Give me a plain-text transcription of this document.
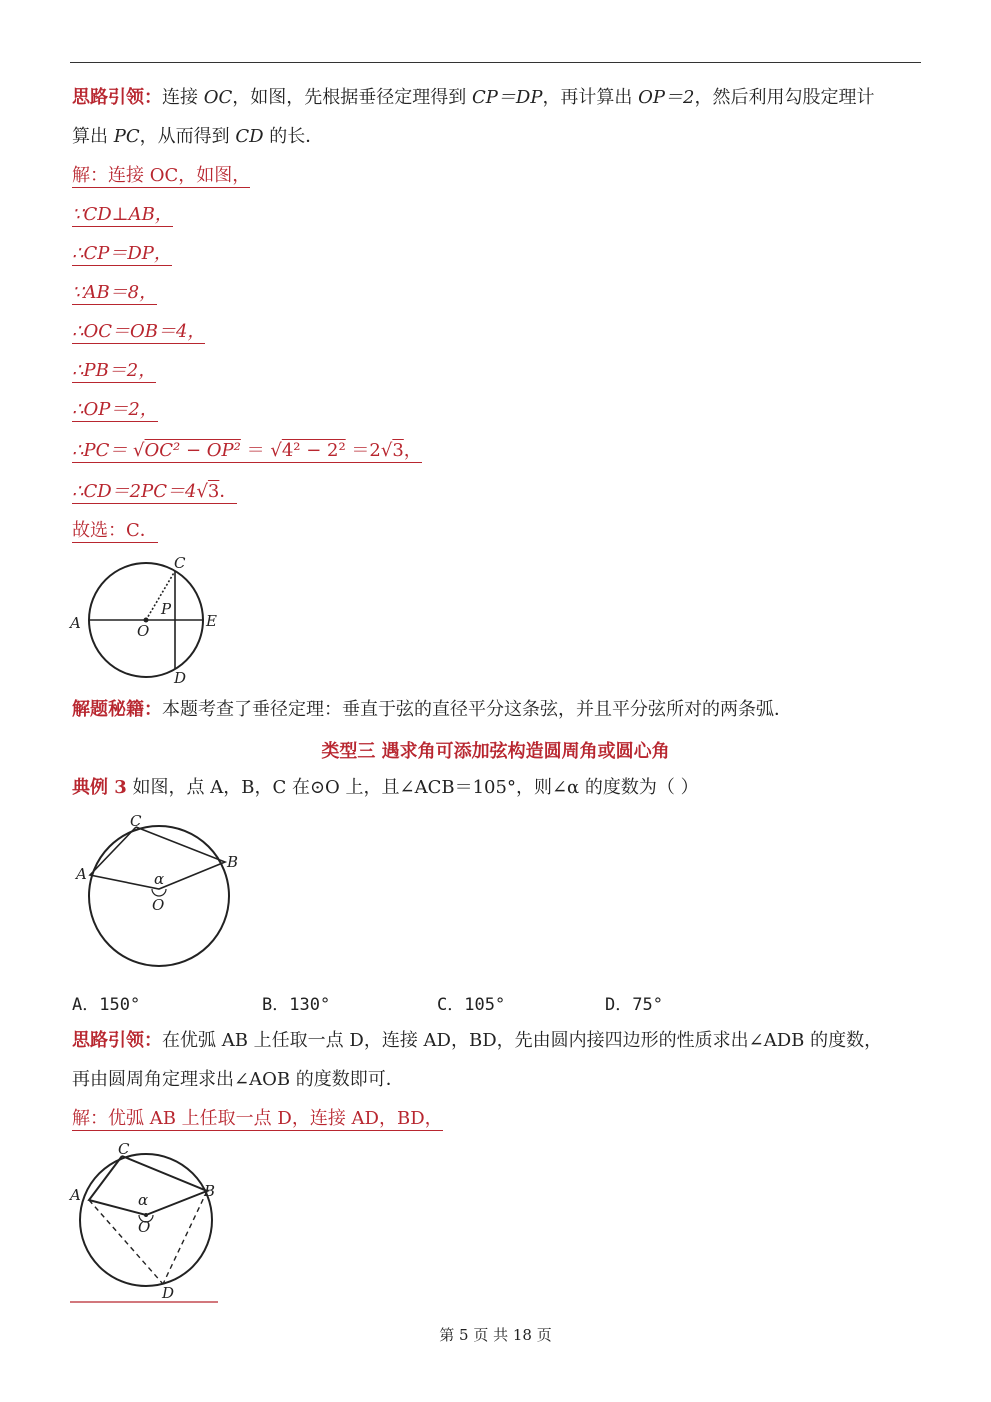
思路引领：连接 OC，如图，先根据垂径定理得到 CP＝DP，再计算出 OP＝2，然后利用勾股定理计
算出 PC，从而得到 CD 的长．
解：连接 OC，如图，
∵CD⊥AB，
∴CP＝DP，
∵AB＝8，
∴OC＝OB＝4，
∴PB＝2，
∴OP＝2，
∴PC＝ √OC² − OP² ＝ √4² − 2² ＝2√3，
∴CD＝2PC＝4√3．
故选：C．
A	O
P
C
D
E
解题秘籍：本题考查了垂径定理：垂直于弦的直径平分这条弦，并且平分弦所对的两条弧．
类型三 遇求角可添加弦构造圆周角或圆心角
典例 3 如图，点 A，B，C 在⊙O 上，且∠ACB＝105°，则∠α 的度数为（ ）
C
A
B
α
O
A．150°	B．130°	C．105°	D．75°
思路引领：在优弧 AB 上任取一点 D，连接 AD，BD，先由圆内接四边形的性质求出∠ADB 的度数，
再由圆周角定理求出∠AOB 的度数即可．
解：优弧 AB 上任取一点 D，连接 AD，BD，
C
A	B
α
O
D
第 5 页 共 18 页
